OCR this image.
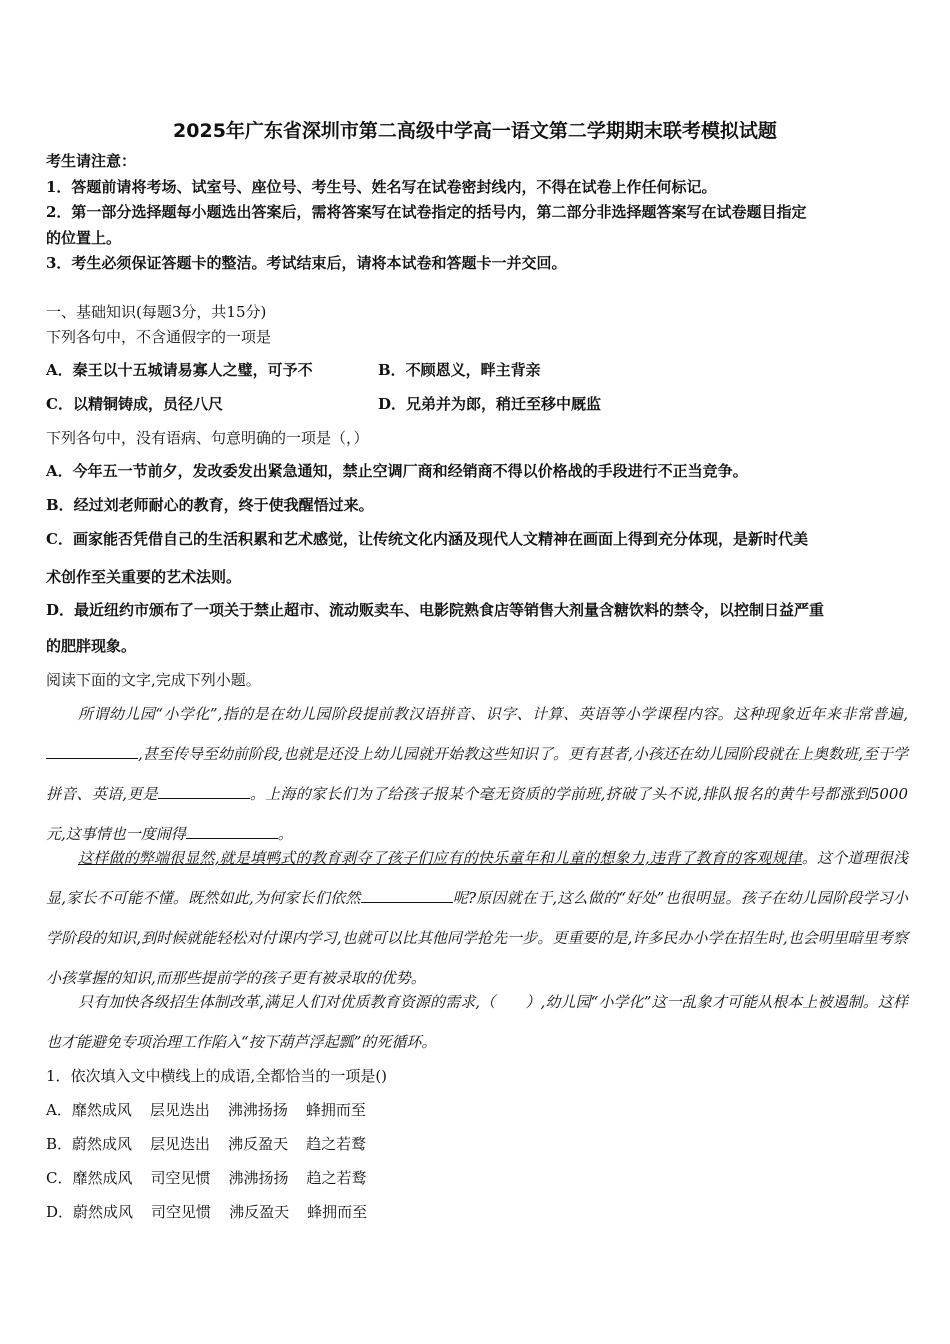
2025年广东省深圳市第二高级中学高一语文第二学期期末联考模拟试题
考生请注意：
1．答题前请将考场、试室号、座位号、考生号、姓名写在试卷密封线内，不得在试卷上作任何标记。
2．第一部分选择题每小题选出答案后，需将答案写在试卷指定的括号内，第二部分非选择题答案写在试卷题目指定
的位置上。
3．考生必须保证答题卡的整洁。考试结束后，请将本试卷和答题卡一并交回。
一、基础知识(每题3分，共15分)
下列各句中，不含通假字的一项是
A．秦王以十五城请易寡人之璧，可予不	B．不顾恩义，畔主背亲
C．以精铜铸成，员径八尺	D．兄弟并为郎，稍迁至移中厩监
下列各句中，没有语病、句意明确的一项是（，）
A．今年五一节前夕，发改委发出紧急通知，禁止空调厂商和经销商不得以价格战的手段进行不正当竞争。
B．经过刘老师耐心的教育，终于使我醒悟过来。
C．画家能否凭借自己的生活积累和艺术感觉，让传统文化内涵及现代人文精神在画面上得到充分体现，是新时代美
术创作至关重要的艺术法则。
D．最近纽约市颁布了一项关于禁止超市、流动贩卖车、电影院熟食店等销售大剂量含糖饮料的禁令，以控制日益严重
的肥胖现象。
阅读下面的文字,完成下列小题。
所谓幼儿园“小学化”,指的是在幼儿园阶段提前教汉语拼音、识字、计算、英语等小学课程内容。这种现象近年来非常普遍,,甚至传导至幼前阶段,也就是还没上幼儿园就开始教这些知识了。更有甚者,小孩还在幼儿园阶段就在上奥数班,至于学拼音、英语,更是	。上海的家长们为了给孩子报某个毫无资质的学前班,挤破了头不说,排队报名的黄牛号都涨到5000元,这事情也一度闹得	。
这样做的弊端很显然,就是填鸭式的教育剥夺了孩子们应有的快乐童年和儿童的想象力,违背了教育的客观规律。这个道理很浅显,家长不可能不懂。既然如此,为何家长们依然	呢?原因就在于,这么做的“好处”也很明显。孩子在幼儿园阶段学习小学阶段的知识,到时候就能轻松对付课内学习,也就可以比其他同学抢先一步。更重要的是,许多民办小学在招生时,也会明里暗里考察小孩掌握的知识,而那些提前学的孩子更有被录取的优势。
只有加快各级招生体制改革,满足人们对优质教育资源的需求,（　　）,幼儿园“小学化”这一乱象才可能从根本上被遏制。这样也才能避免专项治理工作陷入“按下葫芦浮起瓢”的死循环。
1．依次填入文中横线上的成语,全都恰当的一项是()
A．靡然成风 层见迭出 沸沸扬扬 蜂拥而至
B．蔚然成风 层见迭出 沸反盈天 趋之若鹜
C．靡然成风 司空见惯 沸沸扬扬 趋之若鹜
D．蔚然成风 司空见惯 沸反盈天 蜂拥而至
